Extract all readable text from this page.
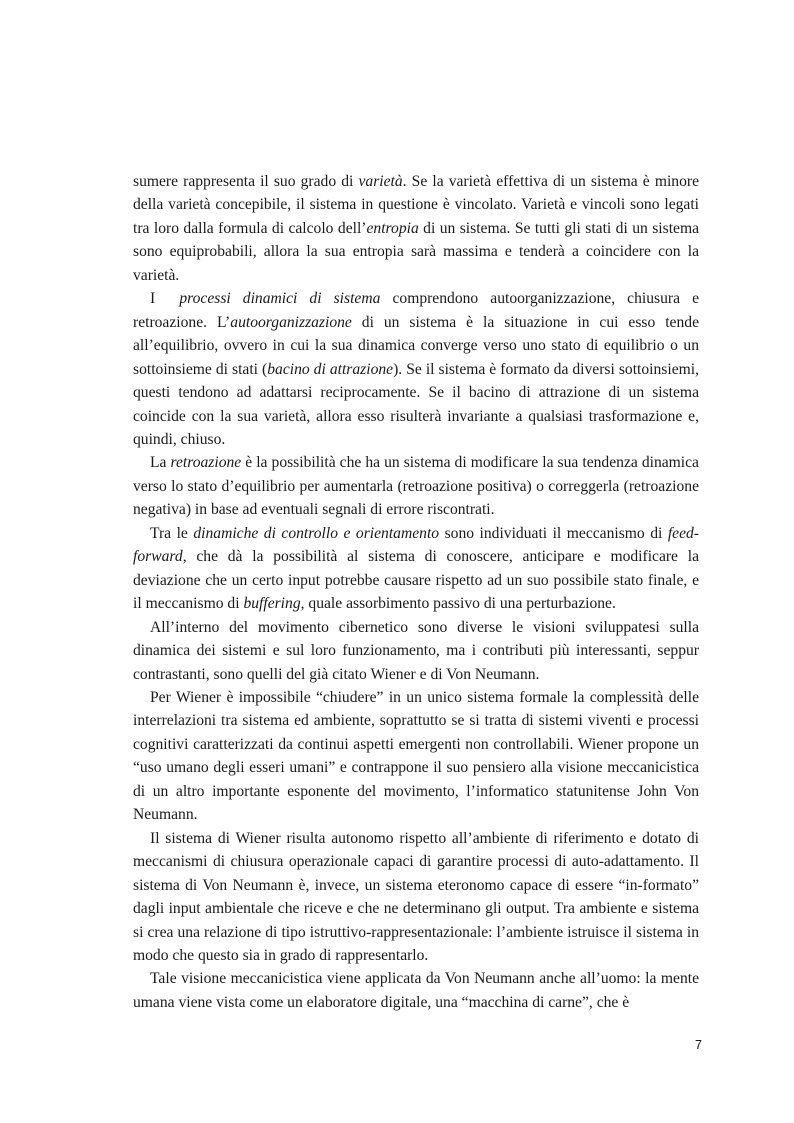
sumere rappresenta il suo grado di varietà. Se la varietà effettiva di un sistema è minore della varietà concepibile, il sistema in questione è vincolato. Varietà e vincoli sono legati tra loro dalla formula di calcolo dell’entropia di un sistema. Se tutti gli stati di un sistema sono equiprobabili, allora la sua entropia sarà massima e tenderà a coincidere con la varietà.

I  processi dinamici di sistema comprendono autoorganizzazione, chiusura e retroazione. L’autoorganizzazione di un sistema è la situazione in cui esso tende all’equilibrio, ovvero in cui la sua dinamica converge verso uno stato di equilibrio o un sottoinsieme di stati (bacino di attrazione). Se il sistema è formato da diversi sottoinsiemi, questi tendono ad adattarsi reciprocamente. Se il bacino di attrazione di un sistema coincide con la sua varietà, allora esso risulterà invariante a qualsiasi trasformazione e, quindi, chiuso.

La retroazione è la possibilità che ha un sistema di modificare la sua tendenza dinamica verso lo stato d’equilibrio per aumentarla (retroazione positiva) o correggerla (retroazione negativa) in base ad eventuali segnali di errore riscontrati.

Tra le dinamiche di controllo e orientamento sono individuati il meccanismo di feed-forward, che dà la possibilità al sistema di conoscere, anticipare e modificare la deviazione che un certo input potrebbe causare rispetto ad un suo possibile stato finale, e il meccanismo di buffering, quale assorbimento passivo di una perturbazione.

All’interno del movimento cibernetico sono diverse le visioni sviluppatesi sulla dinamica dei sistemi e sul loro funzionamento, ma i contributi più interessanti, seppur contrastanti, sono quelli del già citato Wiener e di Von Neumann.

Per Wiener è impossibile “chiudere” in un unico sistema formale la complessità delle interrelazioni tra sistema ed ambiente, soprattutto se si tratta di sistemi viventi e processi cognitivi caratterizzati da continui aspetti emergenti non controllabili. Wiener propone un “uso umano degli esseri umani” e contrappone il suo pensiero alla visione meccanicistica di un altro importante esponente del movimento, l’informatico statunitense John Von Neumann.

Il sistema di Wiener risulta autonomo rispetto all’ambiente di riferimento e dotato di meccanismi di chiusura operazionale capaci di garantire processi di auto-adattamento. Il sistema di Von Neumann è, invece, un sistema eteronomo capace di essere “in-formato” dagli input ambientale che riceve e che ne determinano gli output. Tra ambiente e sistema si crea una relazione di tipo istruttivo-rappresentazionale: l’ambiente istruisce il sistema in modo che questo sia in grado di rappresentarlo.

Tale visione meccanicistica viene applicata da Von Neumann anche all’uomo: la mente umana viene vista come un elaboratore digitale, una “macchina di carne”, che è

7
